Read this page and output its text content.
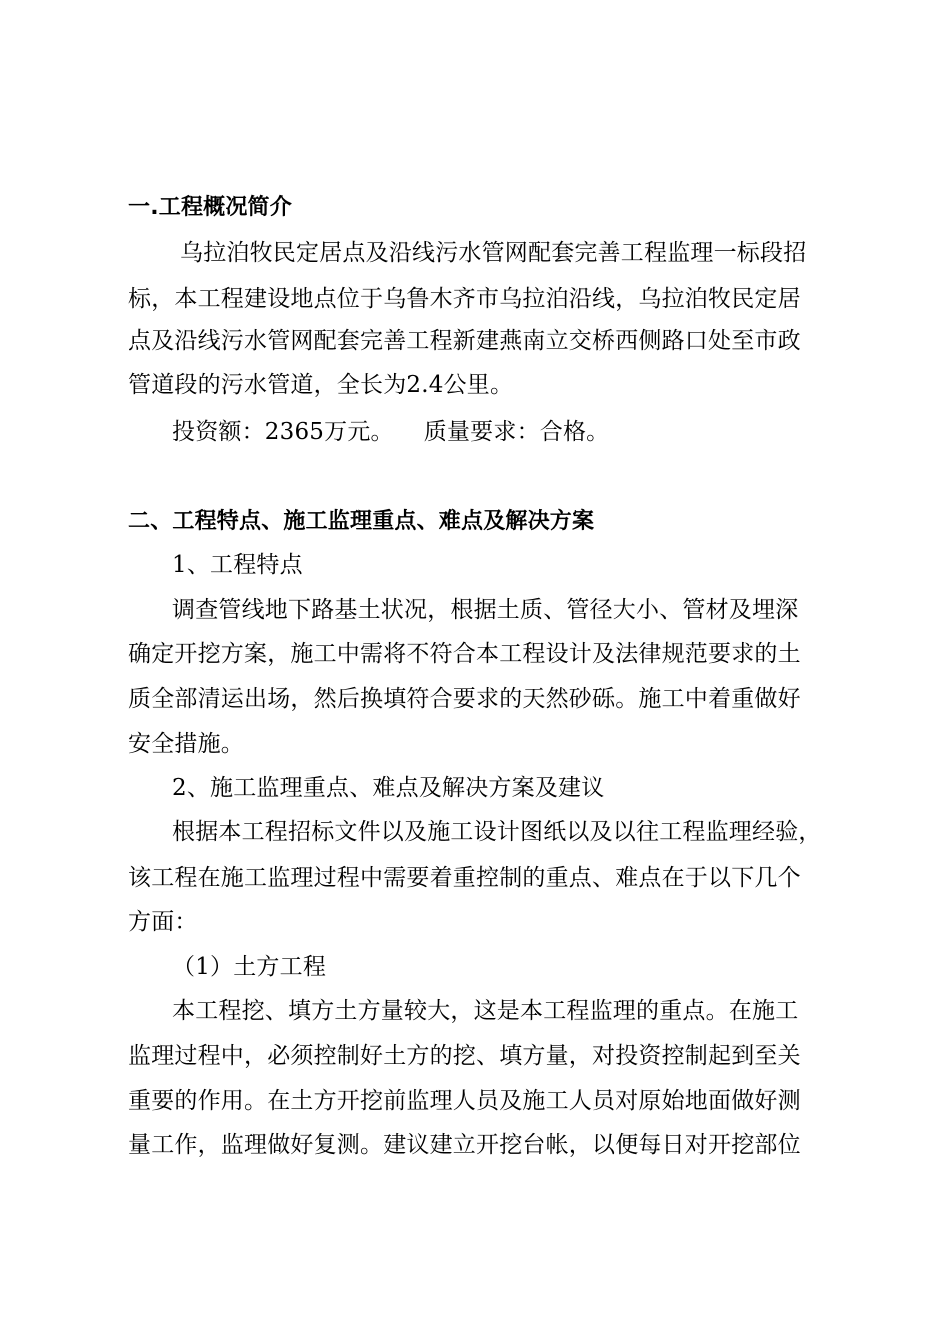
一.工程概况简介
乌拉泊牧民定居点及沿线污水管网配套完善工程监理一标段招
标，本工程建设地点位于乌鲁木齐市乌拉泊沿线，乌拉泊牧民定居
点及沿线污水管网配套完善工程新建燕南立交桥西侧路口处至市政
管道段的污水管道，全长为2.4公里。
投资额：2365万元。    质量要求：合格。
二、工程特点、施工监理重点、难点及解决方案
1、工程特点
调查管线地下路基土状况，根据土质、管径大小、管材及埋深
确定开挖方案，施工中需将不符合本工程设计及法律规范要求的土
质全部清运出场，然后换填符合要求的天然砂砾。施工中着重做好
安全措施。
2、施工监理重点、难点及解决方案及建议
根据本工程招标文件以及施工设计图纸以及以往工程监理经验，
该工程在施工监理过程中需要着重控制的重点、难点在于以下几个
方面：
（1）土方工程
本工程挖、填方土方量较大，这是本工程监理的重点。在施工
监理过程中，必须控制好土方的挖、填方量，对投资控制起到至关
重要的作用。在土方开挖前监理人员及施工人员对原始地面做好测
量工作，监理做好复测。建议建立开挖台帐，以便每日对开挖部位
